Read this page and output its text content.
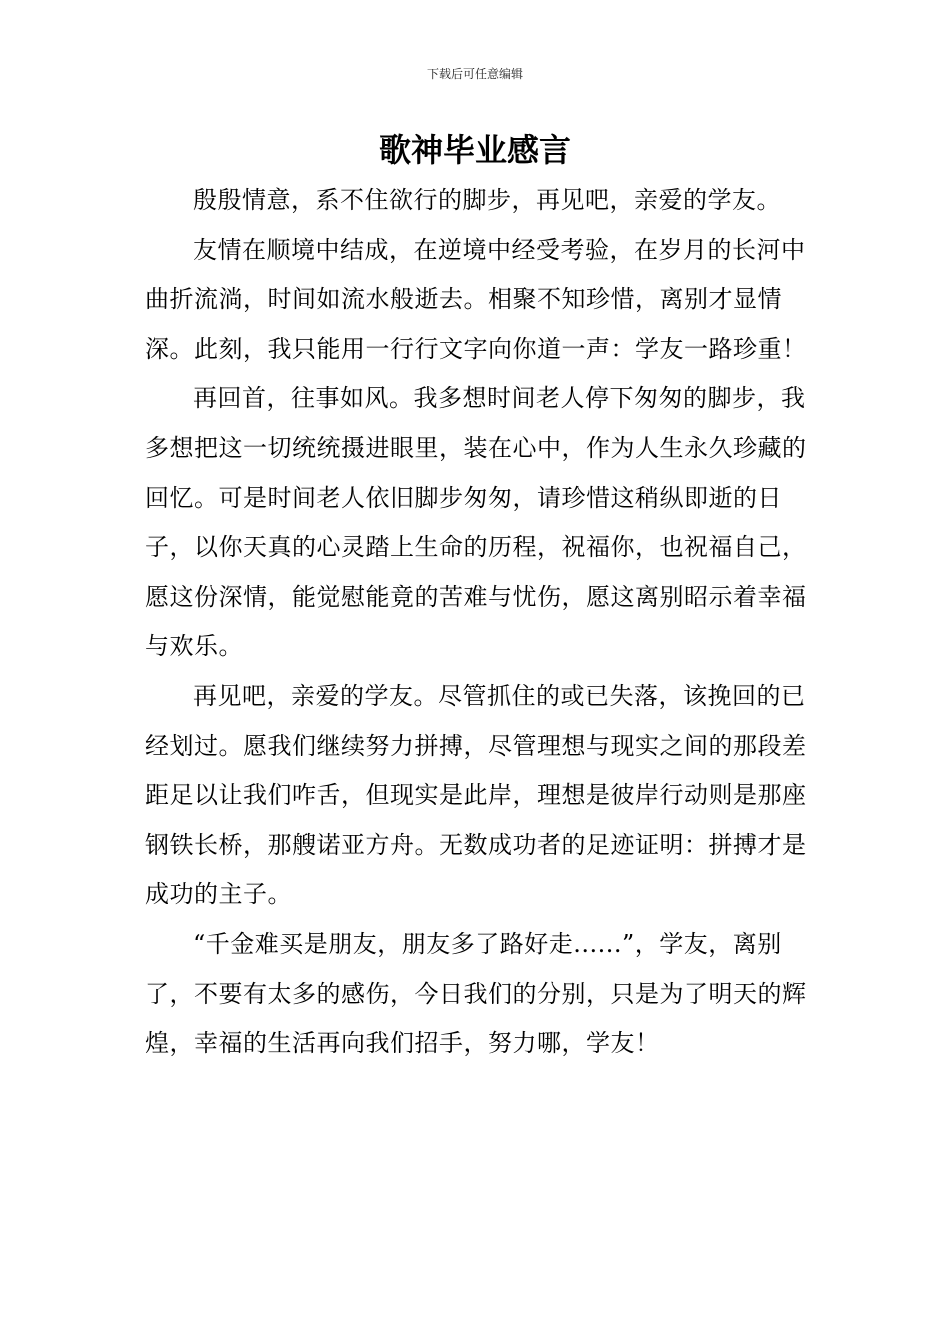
下载后可任意编辑
歌神毕业感言

殷殷情意，系不住欲行的脚步，再见吧，亲爱的学友。

友情在顺境中结成，在逆境中经受考验，在岁月的长河中曲折流淌，时间如流水般逝去。相聚不知珍惜，离别才显情深。此刻，我只能用一行行文字向你道一声：学友一路珍重！

再回首，往事如风。我多想时间老人停下匆匆的脚步，我多想把这一切统统摄进眼里，装在心中，作为人生永久珍藏的回忆。可是时间老人依旧脚步匆匆，请珍惜这稍纵即逝的日子，以你天真的心灵踏上生命的历程，祝福你，也祝福自己，愿这份深情，能觉慰能竟的苦难与忧伤，愿这离别昭示着幸福与欢乐。

再见吧，亲爱的学友。尽管抓住的或已失落，该挽回的已经划过。愿我们继续努力拼搏，尽管理想与现实之间的那段差距足以让我们咋舌，但现实是此岸，理想是彼岸行动则是那座钢铁长桥，那艘诺亚方舟。无数成功者的足迹证明：拼搏才是成功的主子。

“千金难买是朋友，朋友多了路好走......”，学友，离别了，不要有太多的感伤，今日我们的分别，只是为了明天的辉煌，幸福的生活再向我们招手，努力哪，学友！
